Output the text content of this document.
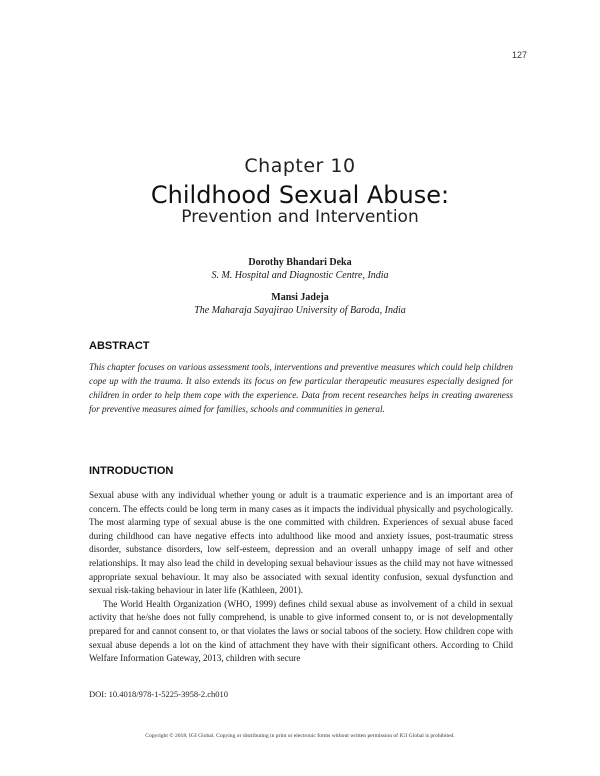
127
Chapter 10
Childhood Sexual Abuse:
Prevention and Intervention
Dorothy Bhandari Deka
S. M. Hospital and Diagnostic Centre, India
Mansi Jadeja
The Maharaja Sayajirao University of Baroda, India
ABSTRACT
This chapter focuses on various assessment tools, interventions and preventive measures which could help children cope up with the trauma. It also extends its focus on few particular therapeutic measures especially designed for children in order to help them cope with the experience. Data from recent researches helps in creating awareness for preventive measures aimed for families, schools and communities in general.
INTRODUCTION

Sexual abuse with any individual whether young or adult is a traumatic experience and is an important area of concern. The effects could be long term in many cases as it impacts the individual physically and psychologically. The most alarming type of sexual abuse is the one committed with children. Experiences of sexual abuse faced during childhood can have negative effects into adulthood like mood and anxiety issues, post-traumatic stress disorder, substance disorders, low self-esteem, depression and an overall unhappy image of self and other relationships. It may also lead the child in developing sexual behaviour issues as the child may not have witnessed appropriate sexual behaviour. It may also be associated with sexual identity confusion, sexual dysfunction and sexual risk-taking behaviour in later life (Kathleen, 2001).

The World Health Organization (WHO, 1999) defines child sexual abuse as involvement of a child in sexual activity that he/she does not fully comprehend, is unable to give informed consent to, or is not developmentally prepared for and cannot consent to, or that violates the laws or social taboos of the society. How children cope with sexual abuse depends a lot on the kind of attachment they have with their significant others. According to Child Welfare Information Gateway, 2013, children with secure

DOI: 10.4018/978-1-5225-3958-2.ch010
Copyright © 2018, IGI Global. Copying or distributing in print or electronic forms without written permission of IGI Global is prohibited.
